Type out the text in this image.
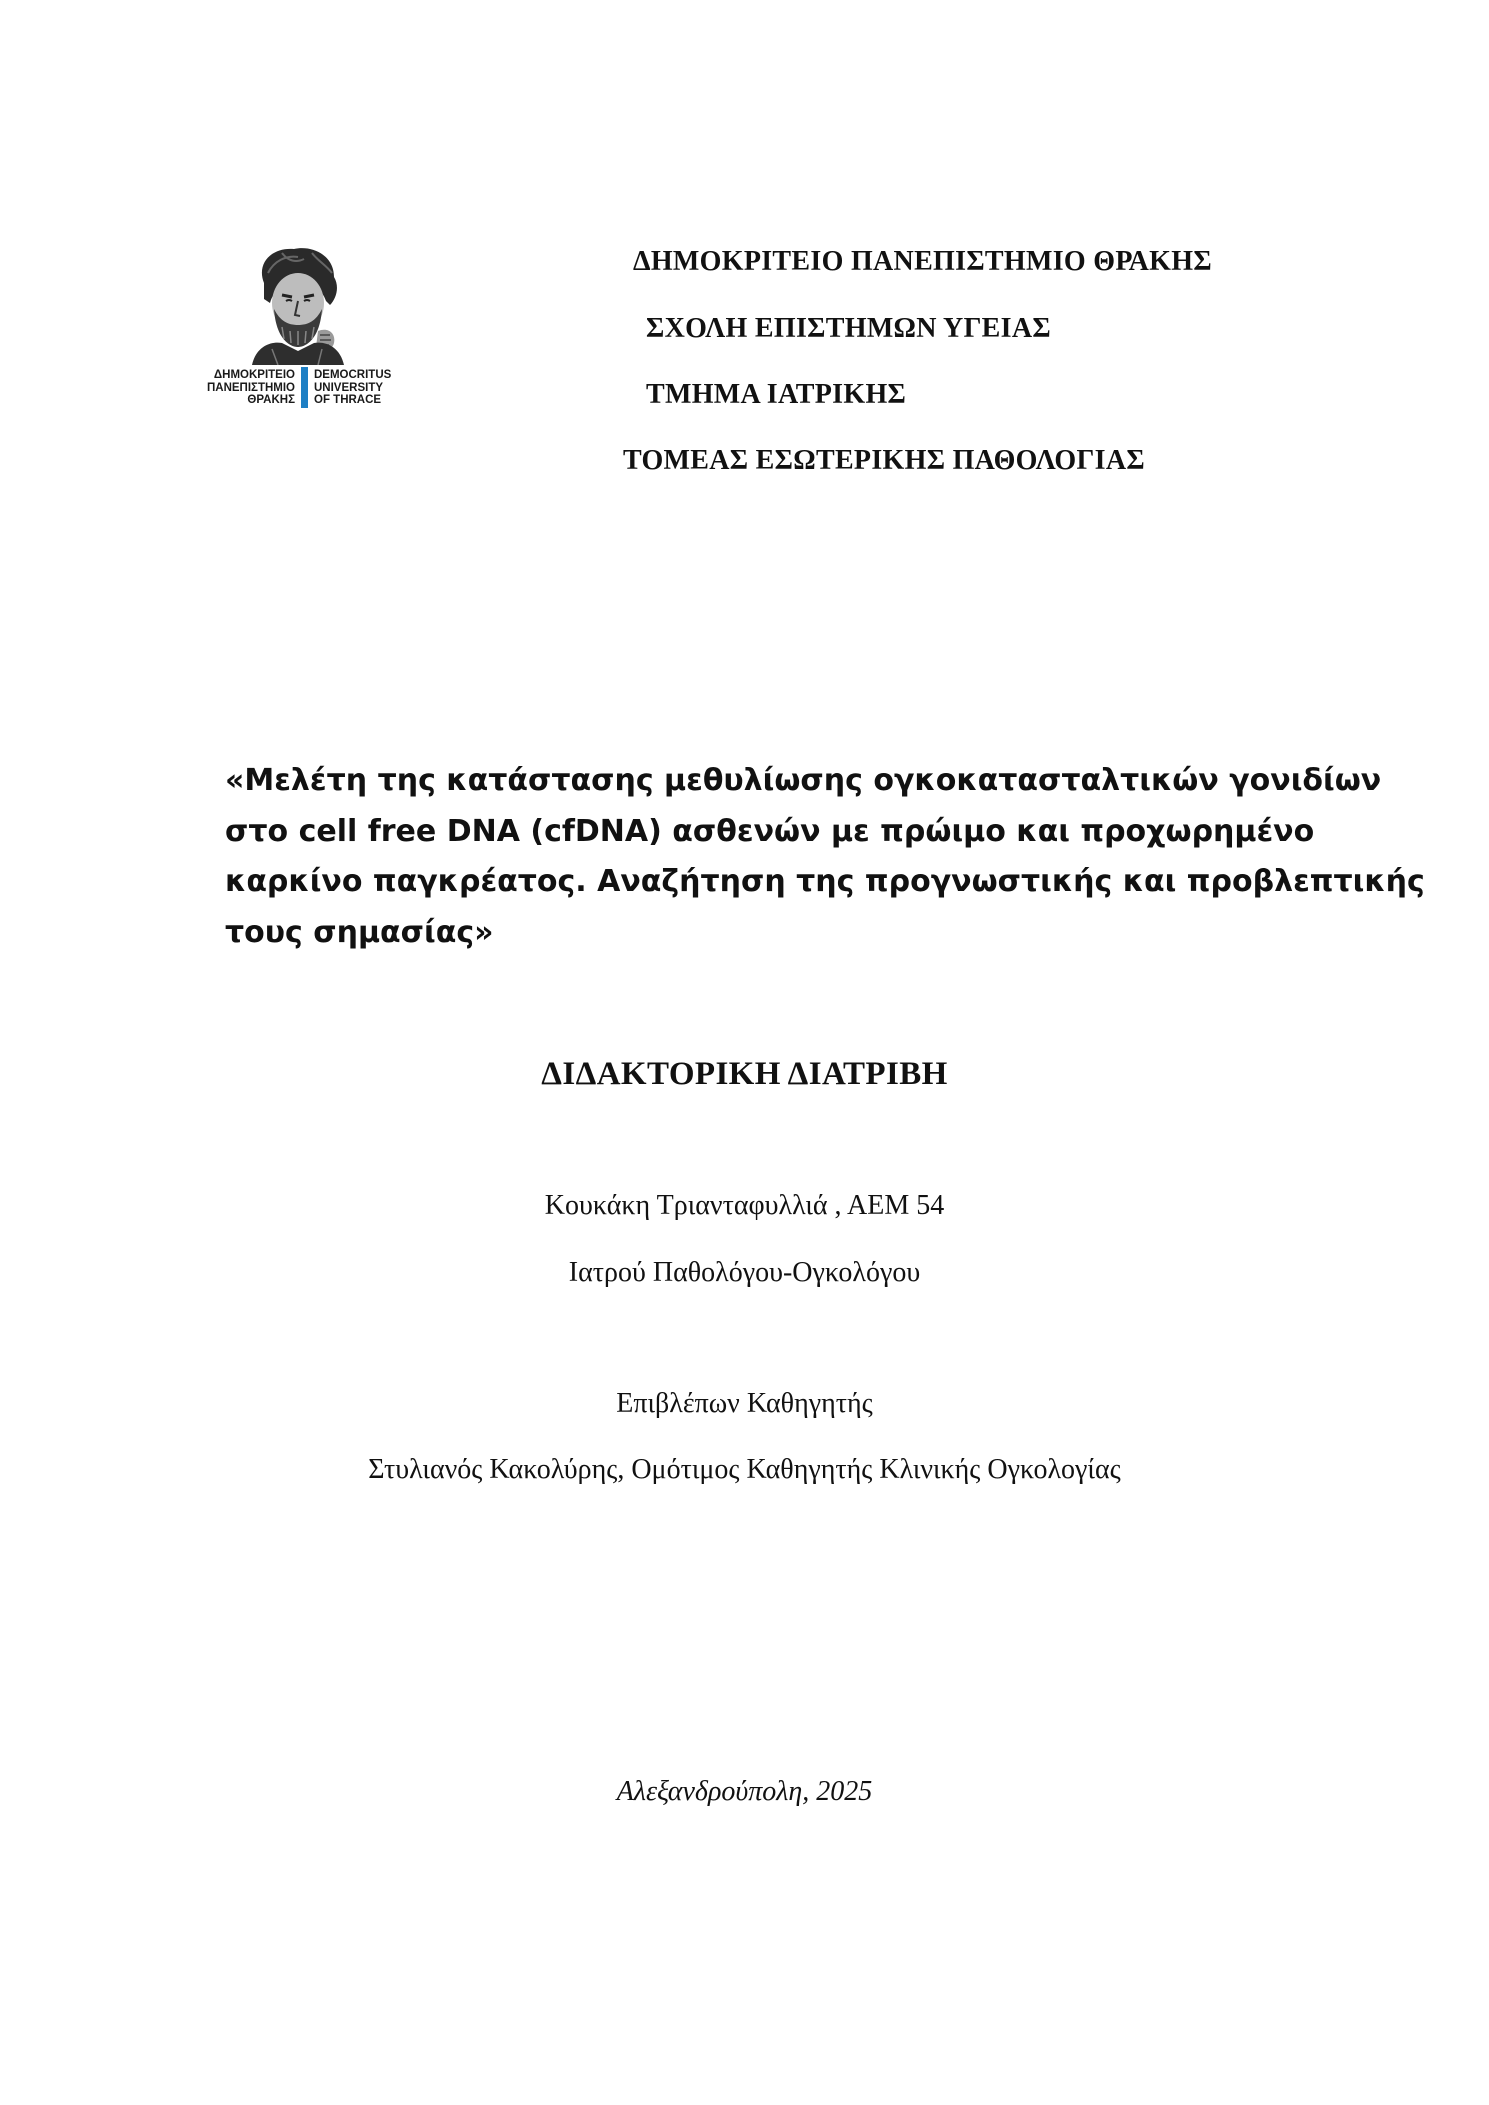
ΔΗΜΟΚΡΙΤΕΙΟ
ΠΑΝΕΠΙΣΤΗΜΙΟ
ΘΡΑΚΗΣ
DEMOCRITUS
UNIVERSITY
OF THRACE
ΔΗΜΟΚΡΙΤΕΙΟ ΠΑΝΕΠΙΣΤΗΜΙΟ ΘΡΑΚΗΣ
ΣΧΟΛΗ ΕΠΙΣΤΗΜΩΝ ΥΓΕΙΑΣ
ΤΜΗΜΑ ΙΑΤΡΙΚΗΣ
ΤΟΜΕΑΣ ΕΣΩΤΕΡΙΚΗΣ ΠΑΘΟΛΟΓΙΑΣ
«Μελέτη της κατάστασης μεθυλίωσης ογκοκατασταλτικών γονιδίων
στο cell free DNA (cfDNA) ασθενών με πρώιμο και προχωρημένο
καρκίνο παγκρέατος. Αναζήτηση της προγνωστικής και προβλεπτικής
τους σημασίας»
ΔΙΔΑΚΤΟΡΙΚΗ ΔΙΑΤΡΙΒΗ
Κουκάκη Τριανταφυλλιά , ΑΕΜ 54
Ιατρού Παθολόγου-Ογκολόγου
Επιβλέπων Καθηγητής
Στυλιανός Κακολύρης, Ομότιμος Καθηγητής Κλινικής Ογκολογίας
Αλεξανδρούπολη, 2025
